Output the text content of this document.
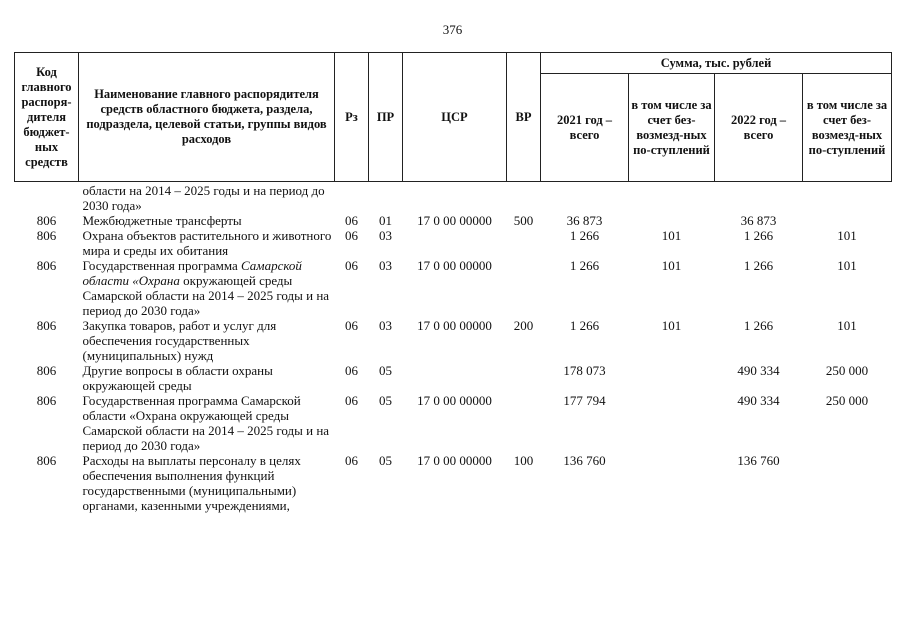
376
Код главного распоря-дителя бюджет-ных средств	Наименование главного распорядителя средств областного бюджета, раздела, подраздела, целевой статьи, группы видов расходов	Рз	ПР	ЦСР	ВР	Сумма, тыс. рублей			
						2021 год – всего	в том числе за счет без-возмезд-ных по-ступлений	2022 год – всего	в том числе за счет без-возмезд-ных по-ступлений
	области на 2014 – 2025 годы и на период до 2030 года»								
806	Межбюджетные трансферты	06	01	17 0 00 00000	500	36 873		36 873	
806	Охрана объектов растительного и животного мира и среды их обитания	06	03			1 266	101	1 266	101
806	Государственная программа Самарской области «Охрана окружающей среды Самарской области на 2014 – 2025 годы и на период до 2030 года»	06	03	17 0 00 00000		1 266	101	1 266	101
806	Закупка товаров, работ и услуг для обеспечения государственных (муниципальных) нужд	06	03	17 0 00 00000	200	1 266	101	1 266	101
806	Другие вопросы в области охраны окружающей среды	06	05			178 073		490 334	250 000
806	Государственная программа Самарской области «Охрана окружающей среды Самарской области на 2014 – 2025 годы и на период до 2030 года»	06	05	17 0 00 00000		177 794		490 334	250 000
806	Расходы на выплаты персоналу в целях обеспечения выполнения функций государственными (муниципальными) органами, казенными учреждениями,	06	05	17 0 00 00000	100	136 760		136 760	
